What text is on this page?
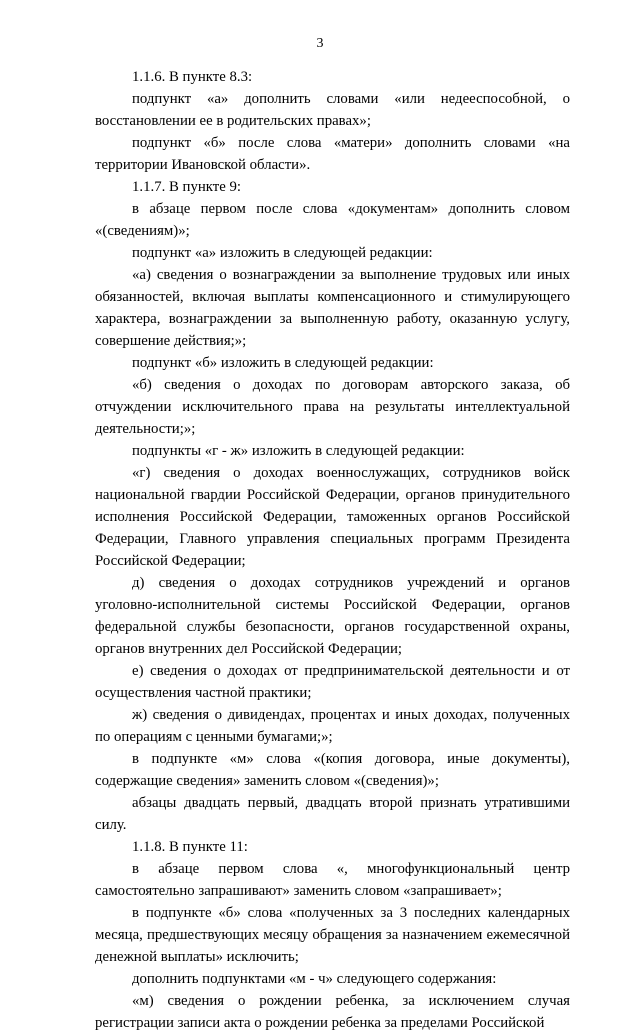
3
1.1.6. В пункте 8.3:
подпункт «а» дополнить словами «или недееспособной, о
восстановлении ее в родительских правах»;
подпункт «б» после слова «матери» дополнить словами «на
территории Ивановской области».
1.1.7. В пункте 9:
в абзаце первом после слова «документам» дополнить словом
«(сведениям)»;
подпункт «а» изложить в следующей редакции:
«а) сведения о вознаграждении за выполнение трудовых или иных
обязанностей, включая выплаты компенсационного и стимулирующего
характера, вознаграждении за выполненную работу, оказанную услугу,
совершение действия;»;
подпункт «б» изложить в следующей редакции:
«б) сведения о доходах по договорам авторского заказа, об
отчуждении исключительного права на результаты интеллектуальной
деятельности;»;
подпункты «г - ж» изложить в следующей редакции:
«г) сведения о доходах военнослужащих, сотрудников войск
национальной гвардии Российской Федерации, органов принудительного
исполнения Российской Федерации, таможенных органов Российской
Федерации, Главного управления специальных программ Президента
Российской Федерации;
д) сведения о доходах сотрудников учреждений и органов
уголовно-исполнительной системы Российской Федерации, органов
федеральной службы безопасности, органов государственной охраны,
органов внутренних дел Российской Федерации;
е) сведения о доходах от предпринимательской деятельности и от
осуществления частной практики;
ж) сведения о дивидендах, процентах и иных доходах, полученных
по операциям с ценными бумагами;»;
в подпункте «м» слова «(копия договора, иные документы),
содержащие сведения» заменить словом «(сведения)»;
абзацы двадцать первый, двадцать второй признать утратившими
силу.
1.1.8. В пункте 11:
в абзаце первом слова «, многофункциональный центр
самостоятельно запрашивают» заменить словом «запрашивает»;
в подпункте «б» слова «полученных за 3 последних календарных
месяца, предшествующих месяцу обращения за назначением ежемесячной
денежной выплаты» исключить;
дополнить подпунктами «м - ч» следующего содержания:
«м) сведения о рождении ребенка, за исключением случая
регистрации записи акта о рождении ребенка за пределами Российской
